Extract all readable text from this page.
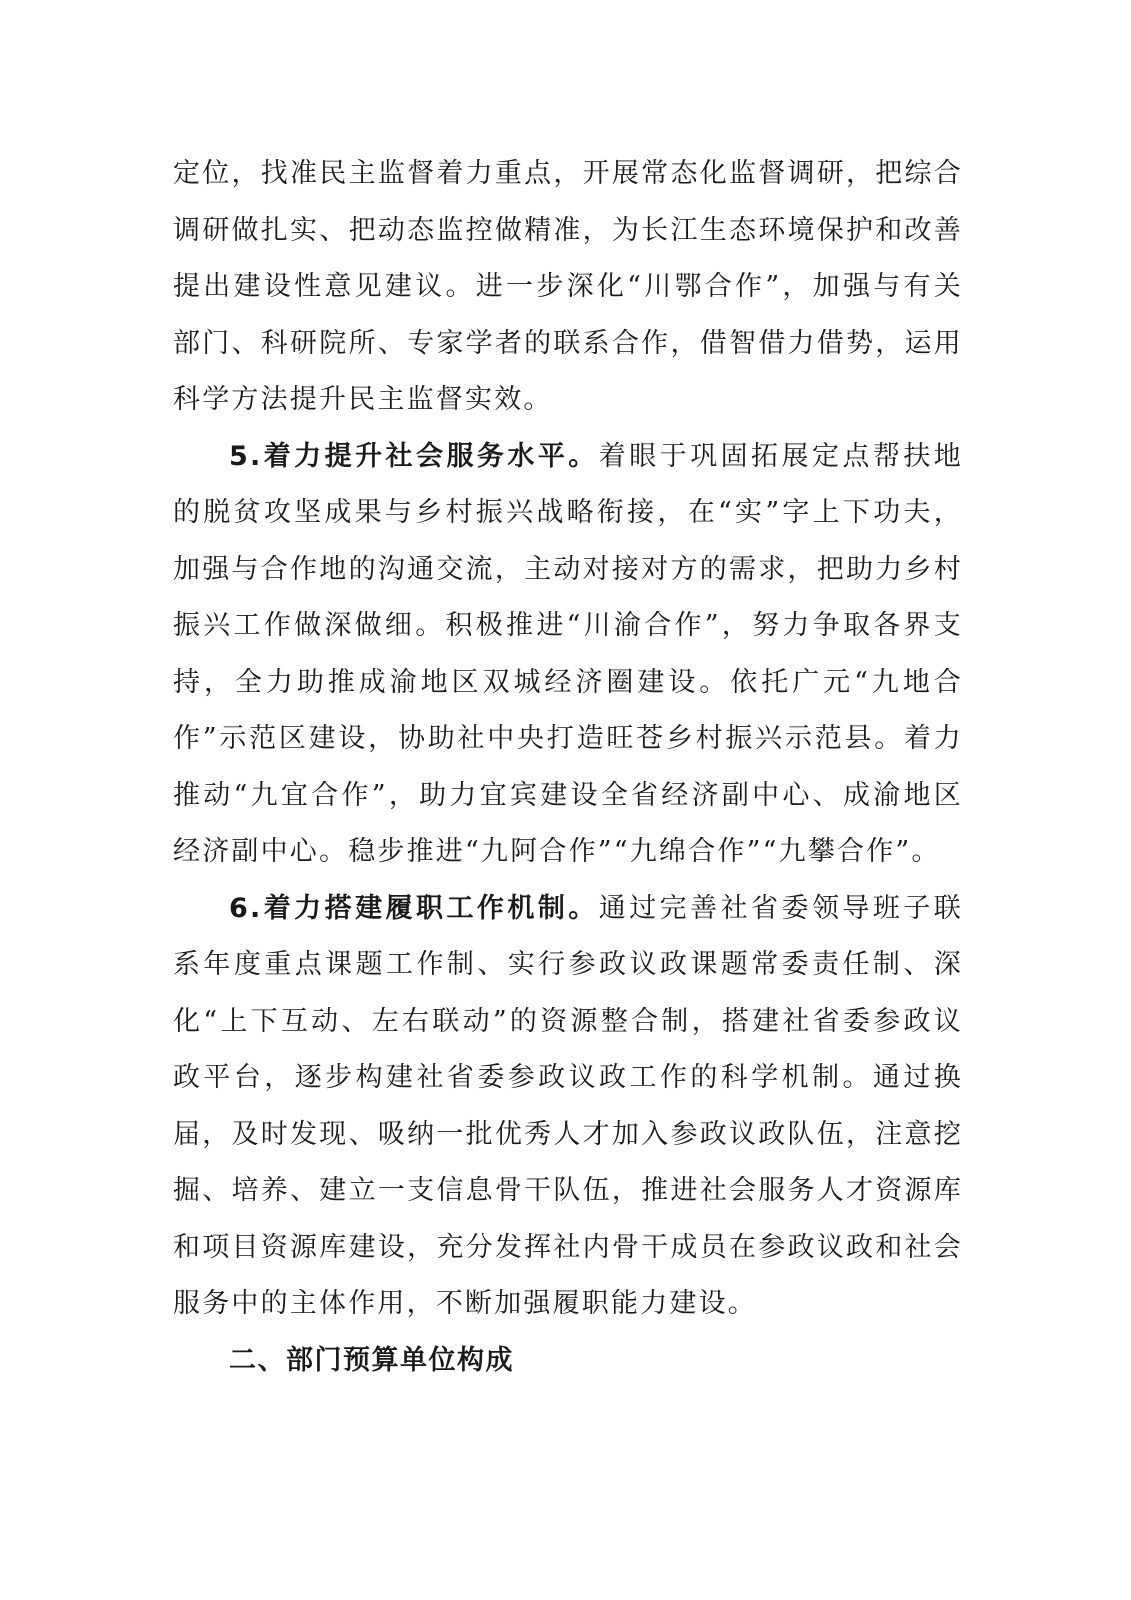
定位，找准民主监督着力重点，开展常态化监督调研，把综合调研做扎实、把动态监控做精准，为长江生态环境保护和改善提出建设性意见建议。进一步深化“川鄂合作”，加强与有关部门、科研院所、专家学者的联系合作，借智借力借势，运用科学方法提升民主监督实效。

5.着力提升社会服务水平。着眼于巩固拓展定点帮扶地的脱贫攻坚成果与乡村振兴战略衔接，在“实”字上下功夫，加强与合作地的沟通交流，主动对接对方的需求，把助力乡村振兴工作做深做细。积极推进“川渝合作”，努力争取各界支持，全力助推成渝地区双城经济圈建设。依托广元“九地合作”示范区建设，协助社中央打造旺苍乡村振兴示范县。着力推动“九宜合作”，助力宜宾建设全省经济副中心、成渝地区经济副中心。稳步推进“九阿合作”“九绵合作”“九攀合作”。

6.着力搭建履职工作机制。通过完善社省委领导班子联系年度重点课题工作制、实行参政议政课题常委责任制、深化“上下互动、左右联动”的资源整合制，搭建社省委参政议政平台，逐步构建社省委参政议政工作的科学机制。通过换届，及时发现、吸纳一批优秀人才加入参政议政队伍，注意挖掘、培养、建立一支信息骨干队伍，推进社会服务人才资源库和项目资源库建设，充分发挥社内骨干成员在参政议政和社会服务中的主体作用，不断加强履职能力建设。

二、部门预算单位构成
